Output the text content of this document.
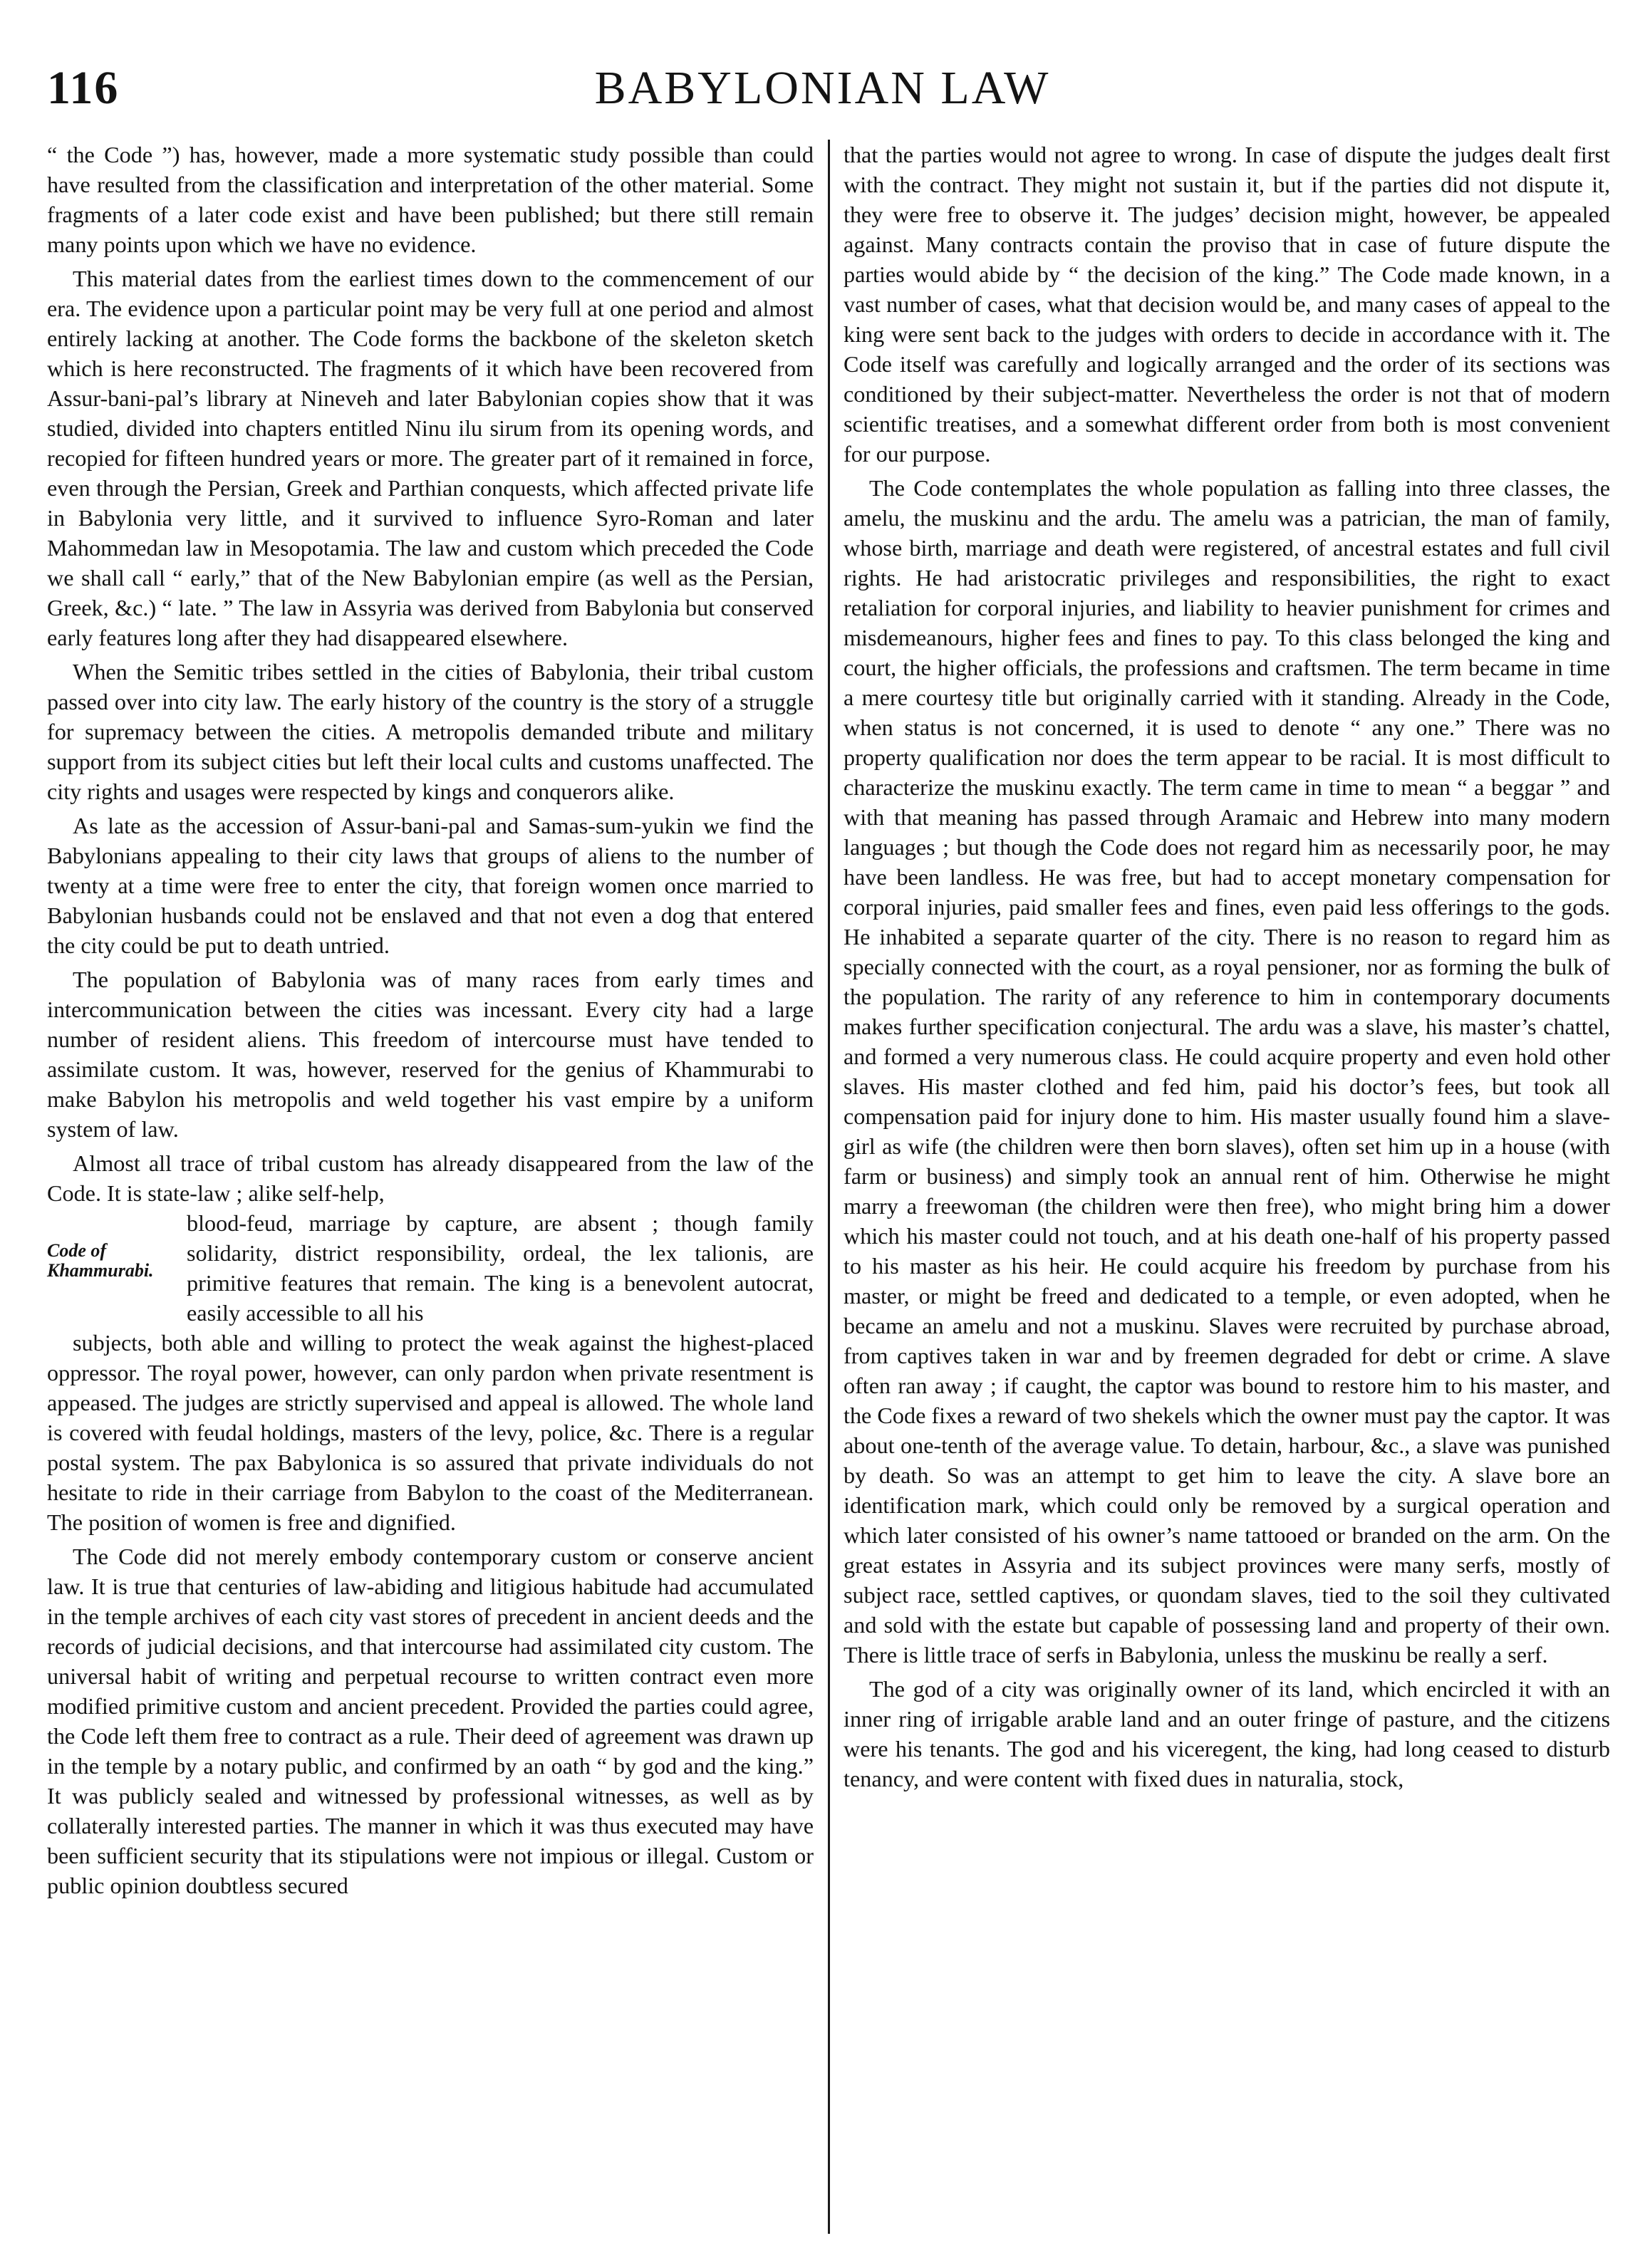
116	BABYLONIAN LAW

“ the Code ”) has, however, made a more systematic study possible than could have resulted from the classification and interpretation of the other material. Some fragments of a later code exist and have been published; but there still remain many points upon which we have no evidence.

This material dates from the earliest times down to the commencement of our era. The evidence upon a particular point may be very full at one period and almost entirely lacking at another. The Code forms the backbone of the skeleton sketch which is here reconstructed. The fragments of it which have been recovered from Assur-bani-pal’s library at Nineveh and later Babylonian copies show that it was studied, divided into chapters entitled Ninu ilu sirum from its opening words, and recopied for fifteen hundred years or more. The greater part of it remained in force, even through the Persian, Greek and Parthian conquests, which affected private life in Babylonia very little, and it survived to influence Syro-Roman and later Mahommedan law in Mesopotamia. The law and custom which preceded the Code we shall call “ early,” that of the New Babylonian empire (as well as the Persian, Greek, &c.) “ late. ” The law in Assyria was derived from Babylonia but conserved early features long after they had disappeared elsewhere.

When the Semitic tribes settled in the cities of Babylonia, their tribal custom passed over into city law. The early history of the country is the story of a struggle for supremacy between the cities. A metropolis demanded tribute and military support from its subject cities but left their local cults and customs unaffected. The city rights and usages were respected by kings and conquerors alike.

As late as the accession of Assur-bani-pal and Samas-sum-yukin we find the Babylonians appealing to their city laws that groups of aliens to the number of twenty at a time were free to enter the city, that foreign women once married to Babylonian husbands could not be enslaved and that not even a dog that entered the city could be put to death untried.

The population of Babylonia was of many races from early times and intercommunication between the cities was incessant. Every city had a large number of resident aliens. This freedom of intercourse must have tended to assimilate custom. It was, however, reserved for the genius of Khammurabi to make Babylon his metropolis and weld together his vast empire by a uniform system of law.

Almost all trace of tribal custom has already disappeared from the law of the Code. It is state-law ; alike self-help,

Code of Khammurabi.
blood-feud, marriage by capture, are absent ; though family solidarity, district responsibility, ordeal, the lex talionis, are primitive features that remain. The king is a benevolent autocrat, easily accessible to all his

subjects, both able and willing to protect the weak against the highest-placed oppressor. The royal power, however, can only pardon when private resentment is appeased. The judges are strictly supervised and appeal is allowed. The whole land is covered with feudal holdings, masters of the levy, police, &c. There is a regular postal system. The pax Babylonica is so assured that private individuals do not hesitate to ride in their carriage from Babylon to the coast of the Mediterranean. The position of women is free and dignified.

The Code did not merely embody contemporary custom or conserve ancient law. It is true that centuries of law-abiding and litigious habitude had accumulated in the temple archives of each city vast stores of precedent in ancient deeds and the records of judicial decisions, and that intercourse had assimilated city custom. The universal habit of writing and perpetual recourse to written contract even more modified primitive custom and ancient precedent. Provided the parties could agree, the Code left them free to contract as a rule. Their deed of agreement was drawn up in the temple by a notary public, and confirmed by an oath “ by god and the king.” It was publicly sealed and witnessed by professional witnesses, as well as by collaterally interested parties. The manner in which it was thus executed may have been sufficient security that its stipulations were not impious or illegal. Custom or public opinion doubtless secured

that the parties would not agree to wrong. In case of dispute the judges dealt first with the contract. They might not sustain it, but if the parties did not dispute it, they were free to observe it. The judges’ decision might, however, be appealed against. Many contracts contain the proviso that in case of future dispute the parties would abide by “ the decision of the king.” The Code made known, in a vast number of cases, what that decision would be, and many cases of appeal to the king were sent back to the judges with orders to decide in accordance with it. The Code itself was carefully and logically arranged and the order of its sections was conditioned by their subject-matter. Nevertheless the order is not that of modern scientific treatises, and a somewhat different order from both is most convenient for our purpose.

The Code contemplates the whole population as falling into three classes, the amelu, the muskinu and the ardu. The amelu was a patrician, the man of family, whose birth, marriage and death were registered, of ancestral estates and full civil rights. He had aristocratic privileges and responsibilities, the right to exact retaliation for corporal injuries, and liability to heavier punishment for crimes and misdemeanours, higher fees and fines to pay. To this class belonged the king and court, the higher officials, the professions and craftsmen. The term became in time a mere courtesy title but originally carried with it standing. Already in the Code, when status is not concerned, it is used to denote “ any one.” There was no property qualification nor does the term appear to be racial. It is most difficult to characterize the muskinu exactly. The term came in time to mean “ a beggar ” and with that meaning has passed through Aramaic and Hebrew into many modern languages ; but though the Code does not regard him as necessarily poor, he may have been landless. He was free, but had to accept monetary compensation for corporal injuries, paid smaller fees and fines, even paid less offerings to the gods. He inhabited a separate quarter of the city. There is no reason to regard him as specially connected with the court, as a royal pensioner, nor as forming the bulk of the population. The rarity of any reference to him in contemporary documents makes further specification conjectural. The ardu was a slave, his master’s chattel, and formed a very numerous class. He could acquire property and even hold other slaves. His master clothed and fed him, paid his doctor’s fees, but took all compensation paid for injury done to him. His master usually found him a slave-girl as wife (the children were then born slaves), often set him up in a house (with farm or business) and simply took an annual rent of him. Otherwise he might marry a freewoman (the children were then free), who might bring him a dower which his master could not touch, and at his death one-half of his property passed to his master as his heir. He could acquire his freedom by purchase from his master, or might be freed and dedicated to a temple, or even adopted, when he became an amelu and not a muskinu. Slaves were recruited by purchase abroad, from captives taken in war and by freemen degraded for debt or crime. A slave often ran away ; if caught, the captor was bound to restore him to his master, and the Code fixes a reward of two shekels which the owner must pay the captor. It was about one-tenth of the average value. To detain, harbour, &c., a slave was punished by death. So was an attempt to get him to leave the city. A slave bore an identification mark, which could only be removed by a surgical operation and which later consisted of his owner’s name tattooed or branded on the arm. On the great estates in Assyria and its subject provinces were many serfs, mostly of subject race, settled captives, or quondam slaves, tied to the soil they cultivated and sold with the estate but capable of possessing land and property of their own. There is little trace of serfs in Babylonia, unless the muskinu be really a serf.

The god of a city was originally owner of its land, which encircled it with an inner ring of irrigable arable land and an outer fringe of pasture, and the citizens were his tenants. The god and his viceregent, the king, had long ceased to disturb tenancy, and were content with fixed dues in naturalia, stock,
